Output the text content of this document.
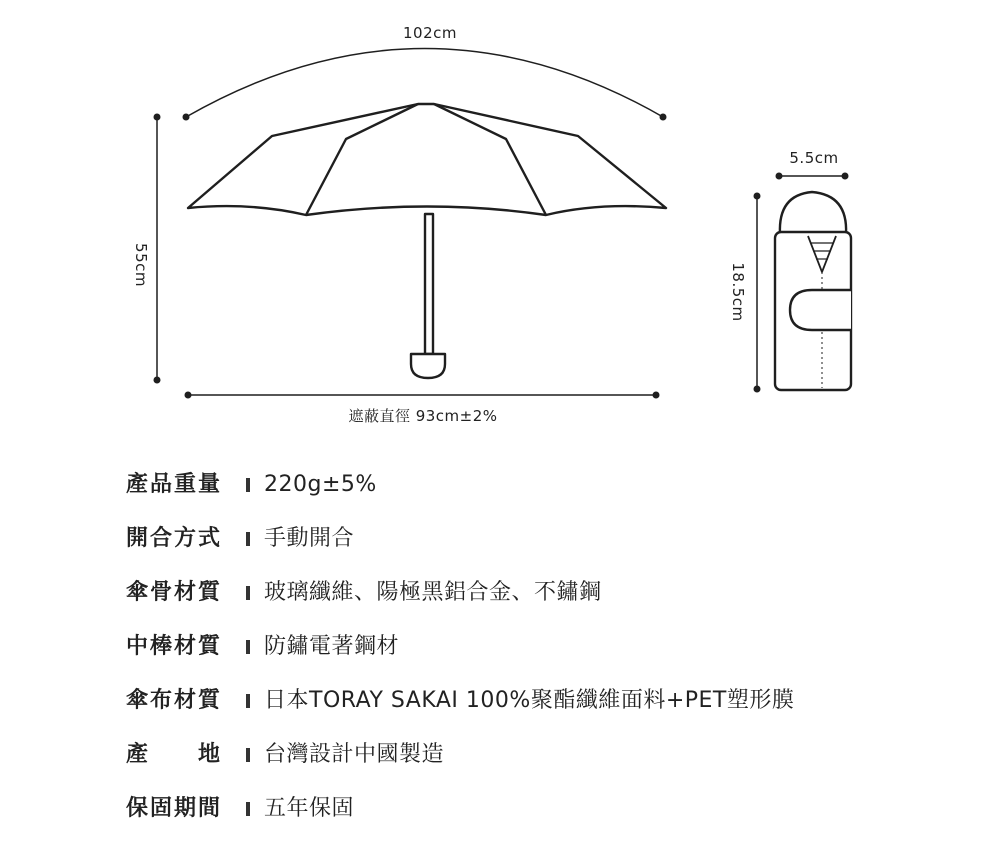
102cm
55cm
遮蔽直徑 93cm±2%
5.5cm
18.5cm
產品重量	220g±5%
開合方式	手動開合
傘骨材質	玻璃纖維、陽極黑鋁合金、不鏽鋼
中棒材質	防鏽電著鋼材
傘布材質	日本TORAY SAKAI 100%聚酯纖維面料+PET塑形膜
產　　地	台灣設計中國製造
保固期間	五年保固
